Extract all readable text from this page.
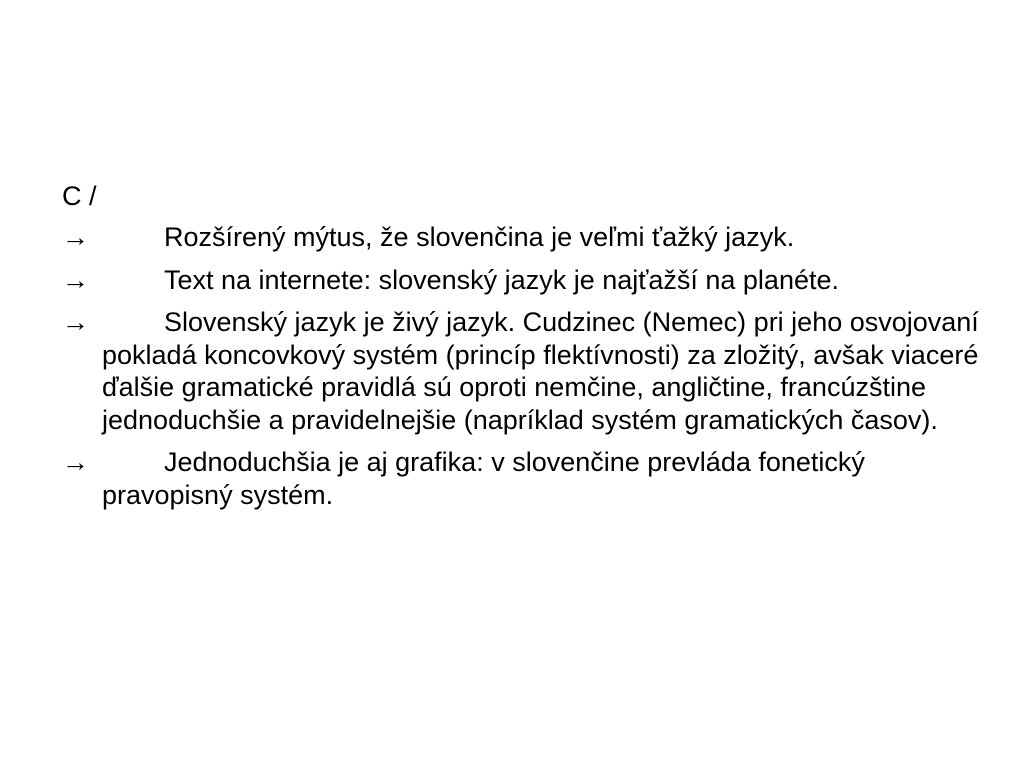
C /
→	Rozšírený mýtus, že slovenčina je veľmi ťažký jazyk.
→	Text na internete: slovenský jazyk je najťažší na planéte.
→	Slovenský jazyk je živý jazyk. Cudzinec (Nemec) pri jeho osvojovaní pokladá koncovkový systém (princíp flektívnosti) za zložitý, avšak viaceré ďalšie gramatické pravidlá sú oproti nemčine, angličtine, francúzštine jednoduchšie a pravidelnejšie (napríklad systém gramatických časov).
→	Jednoduchšia je aj grafika: v slovenčine prevláda fonetický pravopisný systém.
